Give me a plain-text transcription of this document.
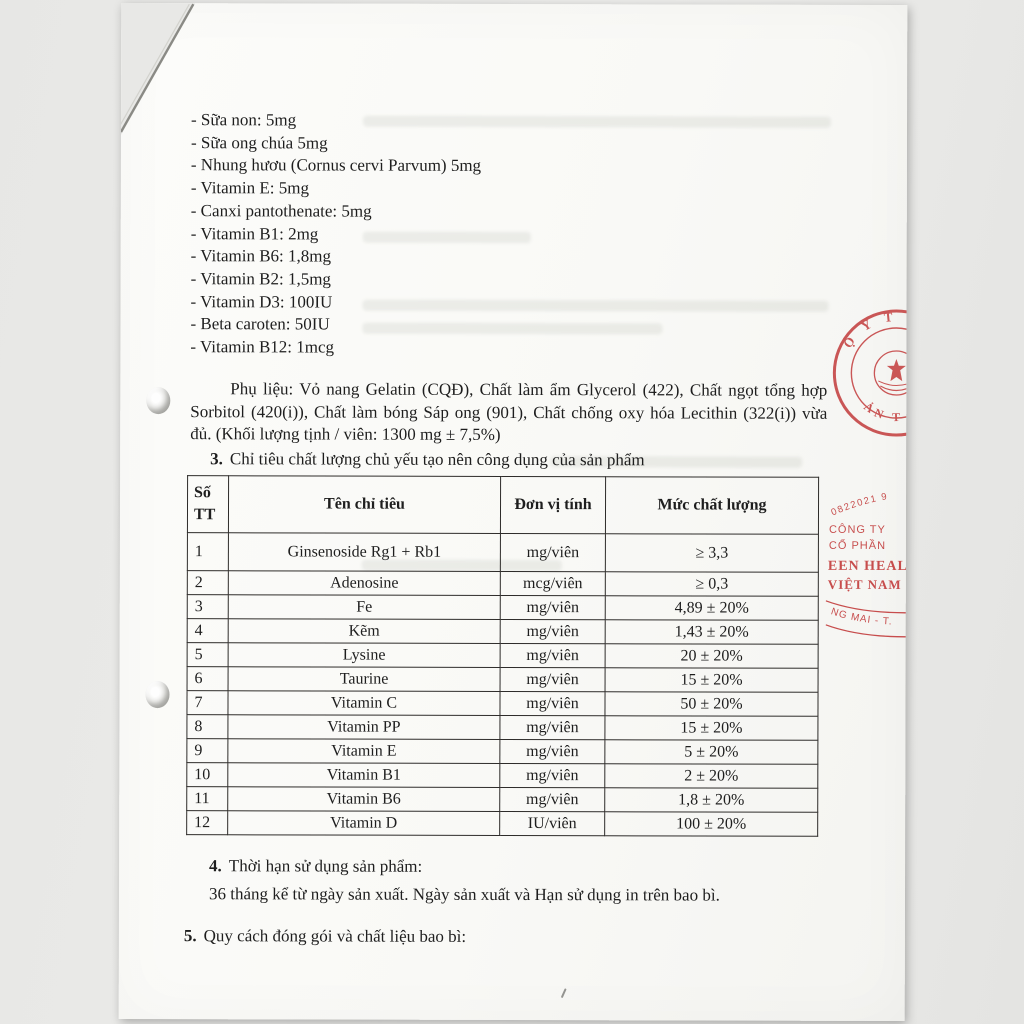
- Sữa non: 5mg
- Sữa ong chúa 5mg
- Nhung hươu (Cornus cervi Parvum) 5mg
- Vitamin E: 5mg
- Canxi pantothenate: 5mg
- Vitamin B1: 2mg
- Vitamin B6: 1,8mg
- Vitamin B2: 1,5mg
- Vitamin D3: 100IU
- Beta caroten: 50IU
- Vitamin B12: 1mcg

Phụ liệu: Vỏ nang Gelatin (CQĐ), Chất làm ẩm Glycerol (422), Chất ngọt tổng hợp Sorbitol (420(i)), Chất làm bóng Sáp ong (901), Chất chống oxy hóa Lecithin (322(i)) vừa đủ. (Khối lượng tịnh / viên: 1300 mg ± 7,5%)

3. Chỉ tiêu chất lượng chủ yếu tạo nên công dụng của sản phẩm
Số TT	Tên chỉ tiêu	Đơn vị tính	Mức chất lượng
1	Ginsenoside Rg1 + Rb1	mg/viên	≥ 3,3
2	Adenosine	mcg/viên	≥ 0,3
3	Fe	mg/viên	4,89 ± 20%
4	Kẽm	mg/viên	1,43 ± 20%
5	Lysine	mg/viên	20 ± 20%
6	Taurine	mg/viên	15 ± 20%
7	Vitamin C	mg/viên	50 ± 20%
8	Vitamin PP	mg/viên	15 ± 20%
9	Vitamin E	mg/viên	5 ± 20%
10	Vitamin B1	mg/viên	2 ± 20%
11	Vitamin B6	mg/viên	1,8 ± 20%
12	Vitamin D	IU/viên	100 ± 20%
4. Thời hạn sử dụng sản phẩm:
36 tháng kể từ ngày sản xuất. Ngày sản xuất và Hạn sử dụng in trên bao bì.
5. Quy cách đóng gói và chất liệu bao bì:
Ộ Y T
ẢN T
0822021 9
CÔNG TY
CỔ PHẦN
EEN HEAL
VIỆT NAM
NG MAI - T.
